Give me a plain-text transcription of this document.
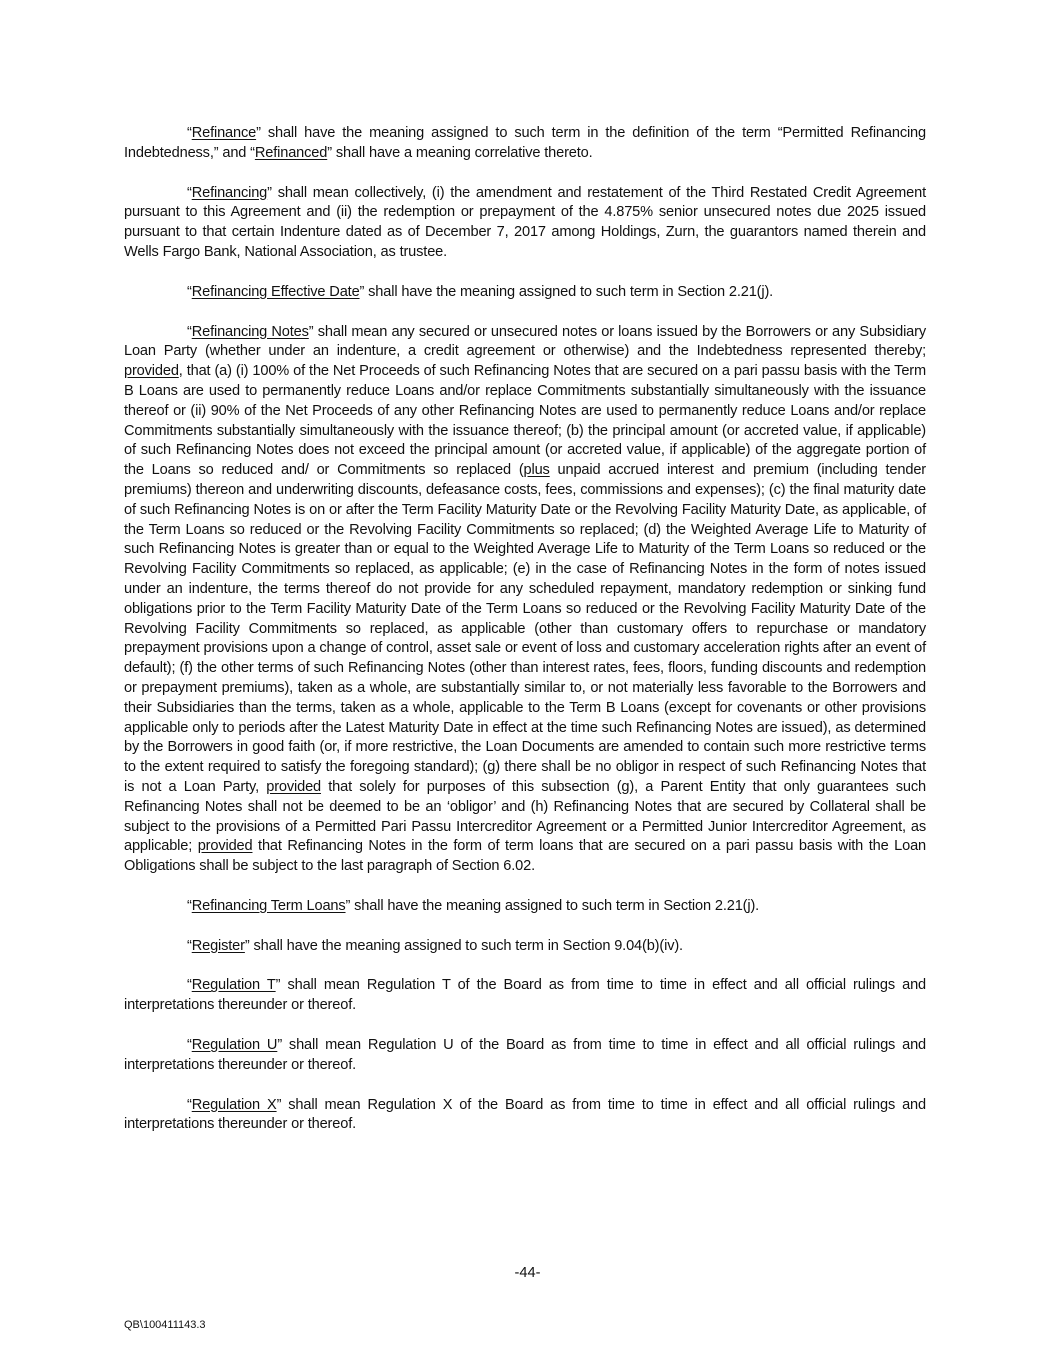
“Refinance” shall have the meaning assigned to such term in the definition of the term “Permitted Refinancing Indebtedness,” and “Refinanced” shall have a meaning correlative thereto.

“Refinancing” shall mean collectively, (i) the amendment and restatement of the Third Restated Credit Agreement pursuant to this Agreement and (ii) the redemption or prepayment of the 4.875% senior unsecured notes due 2025 issued pursuant to that certain Indenture dated as of December 7, 2017 among Holdings, Zurn, the guarantors named therein and Wells Fargo Bank, National Association, as trustee.

“Refinancing Effective Date” shall have the meaning assigned to such term in Section 2.21(j).

“Refinancing Notes” shall mean any secured or unsecured notes or loans issued by the Borrowers or any Subsidiary Loan Party (whether under an indenture, a credit agreement or otherwise) and the Indebtedness represented thereby; provided, that (a) (i) 100% of the Net Proceeds of such Refinancing Notes that are secured on a pari passu basis with the Term B Loans are used to permanently reduce Loans and/or replace Commitments substantially simultaneously with the issuance thereof or (ii) 90% of the Net Proceeds of any other Refinancing Notes are used to permanently reduce Loans and/or replace Commitments substantially simultaneously with the issuance thereof; (b) the principal amount (or accreted value, if applicable) of such Refinancing Notes does not exceed the principal amount (or accreted value, if applicable) of the aggregate portion of the Loans so reduced and/ or Commitments so replaced (plus unpaid accrued interest and premium (including tender premiums) thereon and underwriting discounts, defeasance costs, fees, commissions and expenses); (c) the final maturity date of such Refinancing Notes is on or after the Term Facility Maturity Date or the Revolving Facility Maturity Date, as applicable, of the Term Loans so reduced or the Revolving Facility Commitments so replaced; (d) the Weighted Average Life to Maturity of such Refinancing Notes is greater than or equal to the Weighted Average Life to Maturity of the Term Loans so reduced or the Revolving Facility Commitments so replaced, as applicable; (e) in the case of Refinancing Notes in the form of notes issued under an indenture, the terms thereof do not provide for any scheduled repayment, mandatory redemption or sinking fund obligations prior to the Term Facility Maturity Date of the Term Loans so reduced or the Revolving Facility Maturity Date of the Revolving Facility Commitments so replaced, as applicable (other than customary offers to repurchase or mandatory prepayment provisions upon a change of control, asset sale or event of loss and customary acceleration rights after an event of default); (f) the other terms of such Refinancing Notes (other than interest rates, fees, floors, funding discounts and redemption or prepayment premiums), taken as a whole, are substantially similar to, or not materially less favorable to the Borrowers and their Subsidiaries than the terms, taken as a whole, applicable to the Term B Loans (except for covenants or other provisions applicable only to periods after the Latest Maturity Date in effect at the time such Refinancing Notes are issued), as determined by the Borrowers in good faith (or, if more restrictive, the Loan Documents are amended to contain such more restrictive terms to the extent required to satisfy the foregoing standard); (g) there shall be no obligor in respect of such Refinancing Notes that is not a Loan Party, provided that solely for purposes of this subsection (g), a Parent Entity that only guarantees such Refinancing Notes shall not be deemed to be an ‘obligor’ and (h) Refinancing Notes that are secured by Collateral shall be subject to the provisions of a Permitted Pari Passu Intercreditor Agreement or a Permitted Junior Intercreditor Agreement, as applicable; provided that Refinancing Notes in the form of term loans that are secured on a pari passu basis with the Loan Obligations shall be subject to the last paragraph of Section 6.02.

“Refinancing Term Loans” shall have the meaning assigned to such term in Section 2.21(j).

“Register” shall have the meaning assigned to such term in Section 9.04(b)(iv).

“Regulation T” shall mean Regulation T of the Board as from time to time in effect and all official rulings and interpretations thereunder or thereof.

“Regulation U” shall mean Regulation U of the Board as from time to time in effect and all official rulings and interpretations thereunder or thereof.

“Regulation X” shall mean Regulation X of the Board as from time to time in effect and all official rulings and interpretations thereunder or thereof.

-44-
QB\100411143.3
